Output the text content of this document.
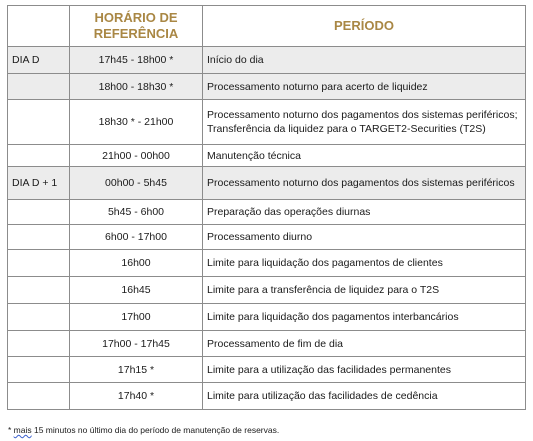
	HORÁRIO DE REFERÊNCIA	PERÍODO
DIA D	17h45 - 18h00 *	Início do dia
	18h00 - 18h30 *	Processamento noturno para acerto de liquidez
	18h30 * - 21h00	Processamento noturno dos pagamentos dos sistemas periféricos; Transferência da liquidez para o TARGET2-Securities (T2S)
	21h00 - 00h00	Manutenção técnica
DIA D + 1	00h00 - 5h45	Processamento noturno dos pagamentos dos sistemas periféricos
	5h45 - 6h00	Preparação das operações diurnas
	6h00 - 17h00	Processamento diurno
	16h00	Limite para liquidação dos pagamentos de clientes
	16h45	Limite para a transferência de liquidez para o T2S
	17h00	Limite para liquidação dos pagamentos interbancários
	17h00 - 17h45	Processamento de fim de dia
	17h15 *	Limite para a utilização das facilidades permanentes
	17h40 *	Limite para utilização das facilidades de cedência
* mais 15 minutos no último dia do período de manutenção de reservas.
